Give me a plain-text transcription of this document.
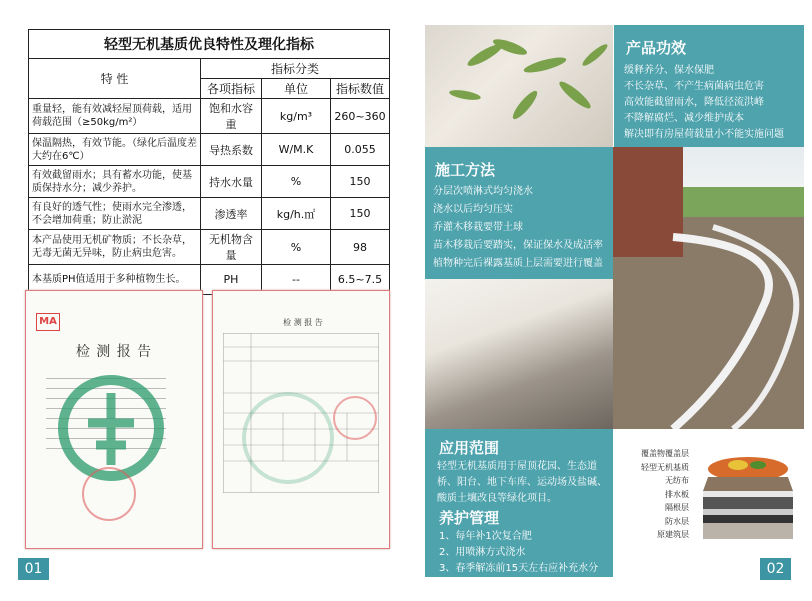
轻型无机基质优良特性及理化指标			
特 性	指标分类		
	各项指标	单位	指标数值
重量轻，能有效减轻屋顶荷载，适用荷载范围（≥50kg/m²）	饱和水容重	kg/m³	260~360
保温隔热，有效节能。（绿化后温度差大约在6℃）	导热系数	W/M.K	0.055
有效截留雨水；具有蓄水功能，使基质保持水分；减少养护。	持水水量	%	150
有良好的透气性；使雨水完全渗透，不会增加荷重；防止淤泥	渗透率	kg/h.㎡	150
本产品使用无机矿物质；不长杂草，无毒无菌无异味，防止病虫危害。	无机物含量	%	98
本基质PH值适用于多种植物生长。	PH	--	6.5~7.5
MA
检 测 报 告
检 测 报 告
01
产品功效
缓释养分、保水保肥
不长杂草、不产生病菌病虫危害
高效能截留雨水，降低径流洪峰
不降解腐烂、减少维护成本
解决即有房屋荷载量小不能实施问题
施工方法
分层次喷淋式均匀浇水
浇水以后均匀压实
乔灌木移栽要带土球
苗木移栽后要踏实，保证保水及成活率
植物种完后裸露基质上层需要进行覆盖
应用范围
轻型无机基质用于屋顶花园、生态道桥、阳台、地下车库、运动场及盐碱、酸质土壤改良等绿化项目。
养护管理
1、每年补1次复合肥
2、用喷淋方式浇水
3、春季解冻前15天左右应补充水分
覆盖物覆盖层
轻型无机基质
无纺布
排水板
隔根层
防水层
原建筑层
02
